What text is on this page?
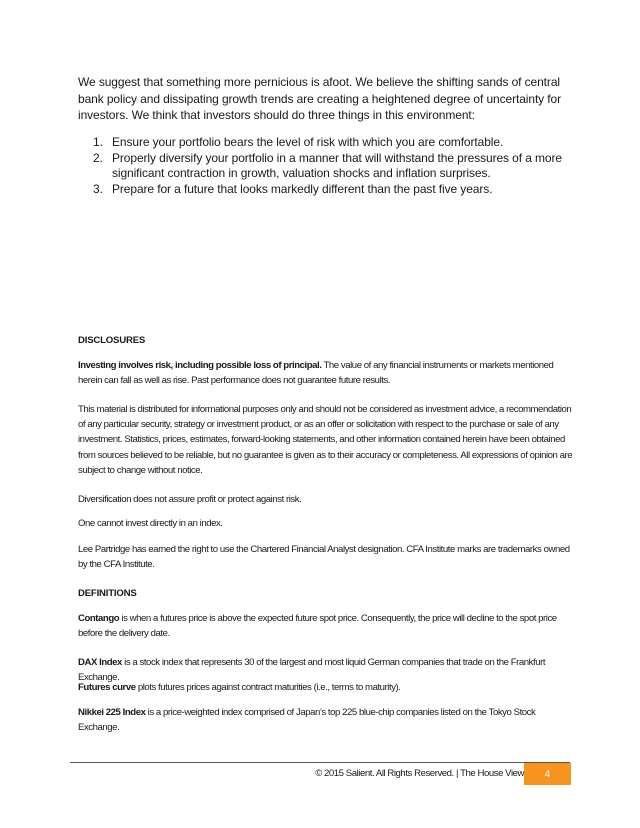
We suggest that something more pernicious is afoot. We believe the shifting sands of central bank policy and dissipating growth trends are creating a heightened degree of uncertainty for investors. We think that investors should do three things in this environment:

1. Ensure your portfolio bears the level of risk with which you are comfortable.
2. Properly diversify your portfolio in a manner that will withstand the pressures of a more significant contraction in growth, valuation shocks and inflation surprises.
3. Prepare for a future that looks markedly different than the past five years.
DISCLOSURES
Investing involves risk, including possible loss of principal. The value of any financial instruments or markets mentioned herein can fall as well as rise. Past performance does not guarantee future results.
This material is distributed for informational purposes only and should not be considered as investment advice, a recommendation of any particular security, strategy or investment product, or as an offer or solicitation with respect to the purchase or sale of any investment. Statistics, prices, estimates, forward-looking statements, and other information contained herein have been obtained from sources believed to be reliable, but no guarantee is given as to their accuracy or completeness. All expressions of opinion are subject to change without notice.
Diversification does not assure profit or protect against risk.
One cannot invest directly in an index.
Lee Partridge has earned the right to use the Chartered Financial Analyst designation. CFA Institute marks are trademarks owned by the CFA Institute.
DEFINITIONS
Contango is when a futures price is above the expected future spot price. Consequently, the price will decline to the spot price before the delivery date.
DAX Index is a stock index that represents 30 of the largest and most liquid German companies that trade on the Frankfurt Exchange.
Futures curve plots futures prices against contract maturities (i.e., terms to maturity).
Nikkei 225 Index is a price-weighted index comprised of Japan’s top 225 blue-chip companies listed on the Tokyo Stock Exchange.
© 2015 Salient. All Rights Reserved. | The House View	4
